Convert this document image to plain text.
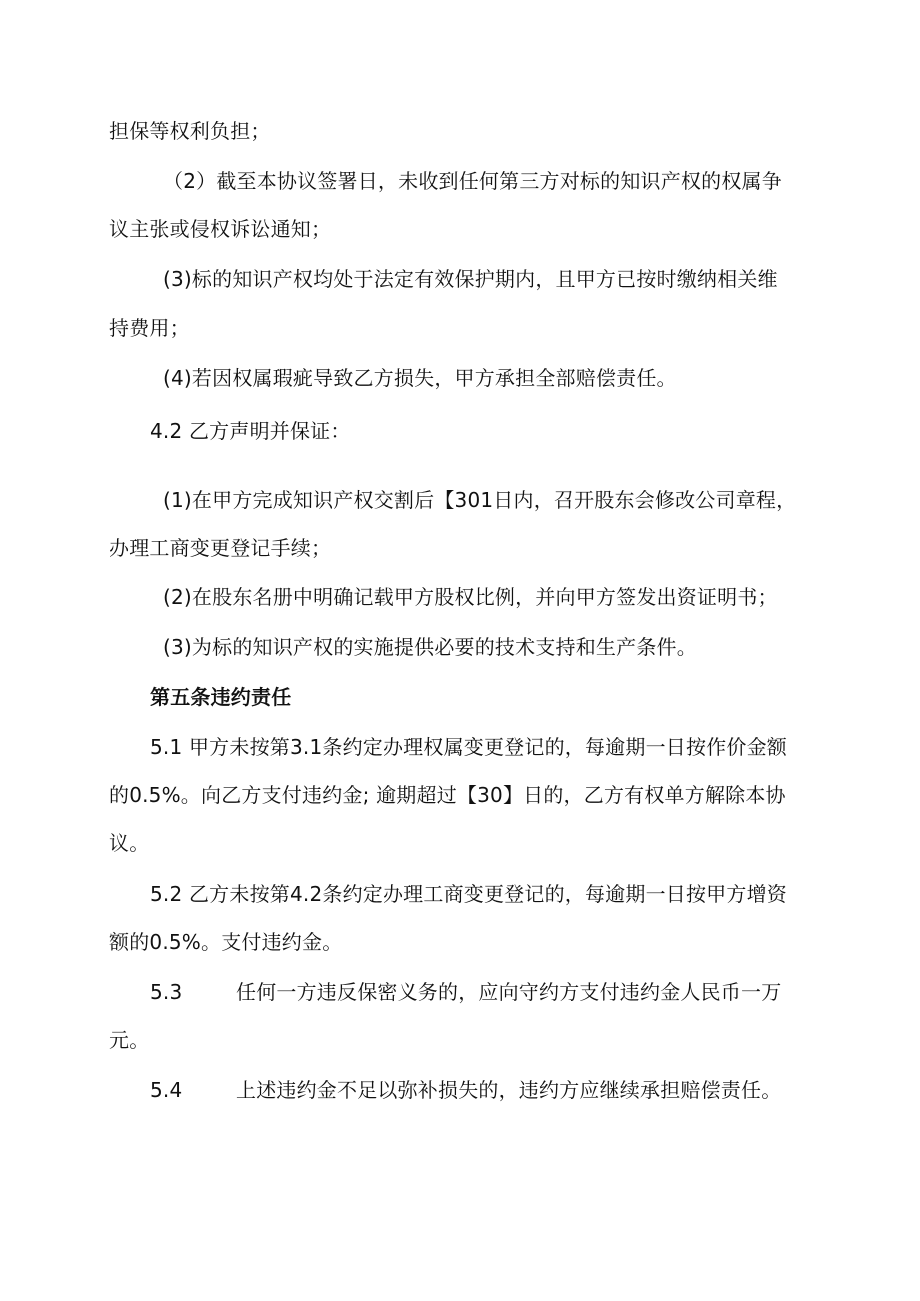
担保等权利负担；
（2）截至本协议签署日，未收到任何第三方对标的知识产权的权属争
议主张或侵权诉讼通知；
(3)标的知识产权均处于法定有效保护期内，且甲方已按时缴纳相关维
持费用；
(4)若因权属瑕疵导致乙方损失，甲方承担全部赔偿责任。
4.2 乙方声明并保证：
(1)在甲方完成知识产权交割后【301日内，召开股东会修改公司章程，
办理工商变更登记手续；
(2)在股东名册中明确记载甲方股权比例，并向甲方签发出资证明书；
(3)为标的知识产权的实施提供必要的技术支持和生产条件。
第五条违约责任
5.1 甲方未按第3.1条约定办理权属变更登记的，每逾期一日按作价金额
的0.5%。向乙方支付违约金; 逾期超过【30】日的，乙方有权单方解除本协
议。
5.2 乙方未按第4.2条约定办理工商变更登记的，每逾期一日按甲方增资
额的0.5%。支付违约金。
5.3	任何一方违反保密义务的，应向守约方支付违约金人民币一万
元。
5.4	上述违约金不足以弥补损失的，违约方应继续承担赔偿责任。
